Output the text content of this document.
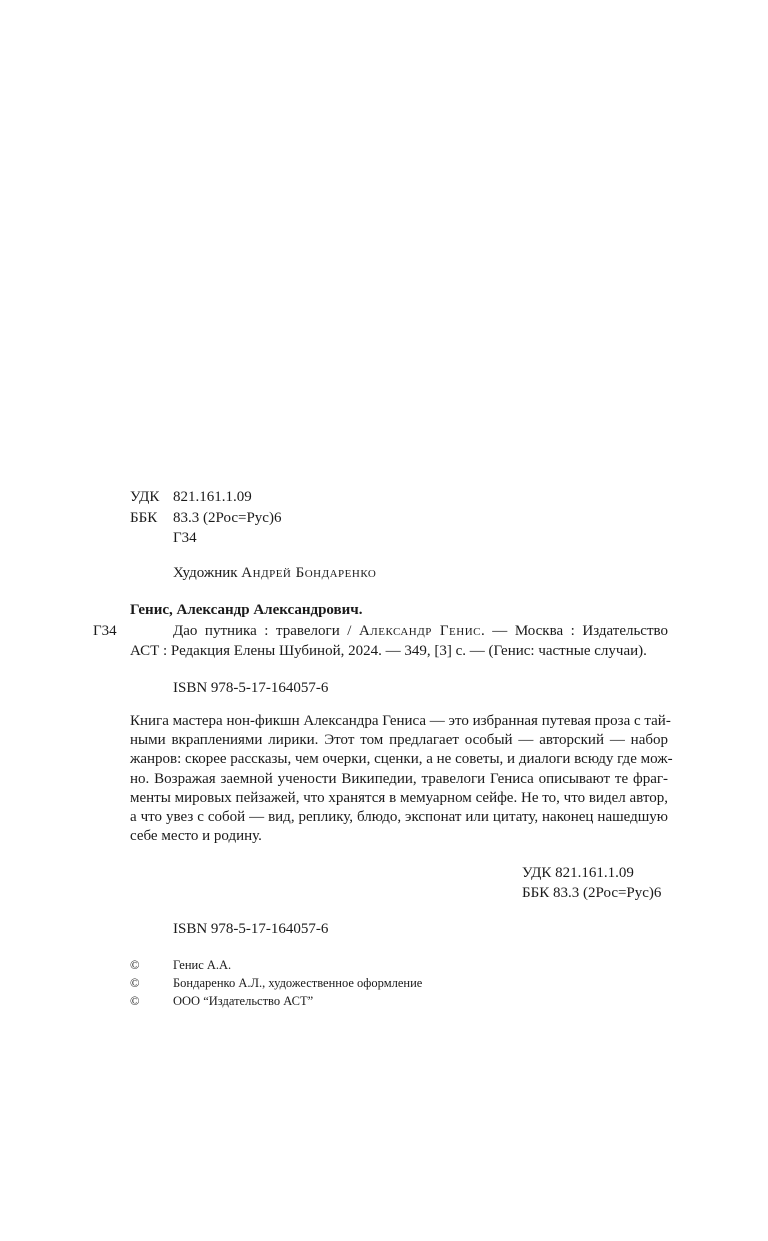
УДК 821.161.1.09
ББК 83.3 (2Рос=Рус)6
Г34
Художник Андрей Бондаренко
Генис, Александр Александрович.
Г34	Дао путника : травелоги / Александр Генис. — Москва : Издательство
АСТ : Редакция Елены Шубиной, 2024. — 349, [3] с. — (Генис: частные случаи).
ISBN 978-5-17-164057-6
Книга мастера нон-фикшн Александра Гениса — это избранная путевая проза с тай-
ными вкраплениями лирики. Этот том предлагает особый — авторский — набор
жанров: скорее рассказы, чем очерки, сценки, а не советы, и диалоги всюду где мож-
но. Возражая заемной учености Википедии, травелоги Гениса описывают те фраг-
менты мировых пейзажей, что хранятся в мемуарном сейфе. Не то, что видел автор,
а что увез с собой — вид, реплику, блюдо, экспонат или цитату, наконец нашедшую
себе место и родину.
УДК 821.161.1.09
ББК 83.3 (2Рос=Рус)6
ISBN 978-5-17-164057-6
©	Генис А.А.
©	Бондаренко А.Л., художественное оформление
©	ООО “Издательство АСТ”
